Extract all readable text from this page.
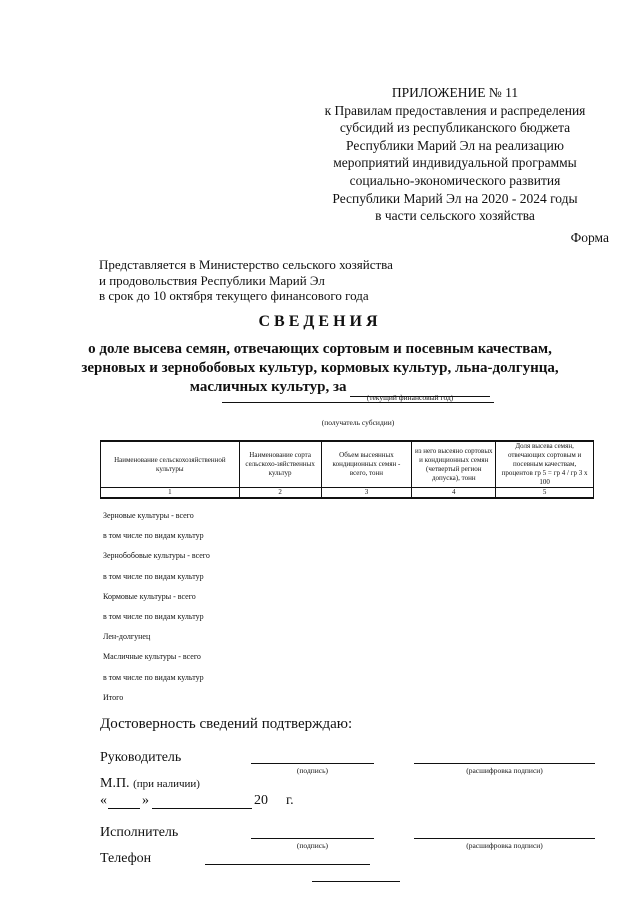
ПРИЛОЖЕНИЕ № 11
к Правилам предоставления и распределения
субсидий из республиканского бюджета
Республики Марий Эл на реализацию
мероприятий индивидуальной программы
социально-экономического развития
Республики Марий Эл на 2020 - 2024 годы
в части сельского хозяйства
Форма
Представляется в Министерство сельского хозяйства
и продовольствия Республики Марий Эл
в срок до 10 октября текущего финансового года
СВЕДЕНИЯ
о доле высева семян, отвечающих сортовым и посевным качествам,
зерновых и зернобобовых культур, кормовых культур, льна-долгунца,
масличных культур, за
(текущий финансовый год)
(получатель субсидии)
Наименование сельскохозяйственной культуры	Наименование сорта сельскохо-зяйственных культур	Объем высеянных кондиционных семян - всего, тонн	из него высеяно сортовых и кондиционных семян (четвертый регион допуска), тонн	Доля высева семян, отвечающих сортовым и посевным качествам, процентов гр 5 = гр 4 / гр 3 х 100
1	2	3	4	5
Зерновые культуры - всего
в том числе по видам культур
Зернобобовые культуры - всего
в том числе по видам культур
Кормовые культуры - всего
в том числе по видам культур
Лен-долгунец
Масличные культуры - всего
в том числе по видам культур
Итого
Достоверность сведений подтверждаю:
Руководитель
(подпись)	(расшифровка подписи)
М.П. (при наличии)
«	»	20 г.
Исполнитель
(подпись)	(расшифровка подписи)
Телефон
